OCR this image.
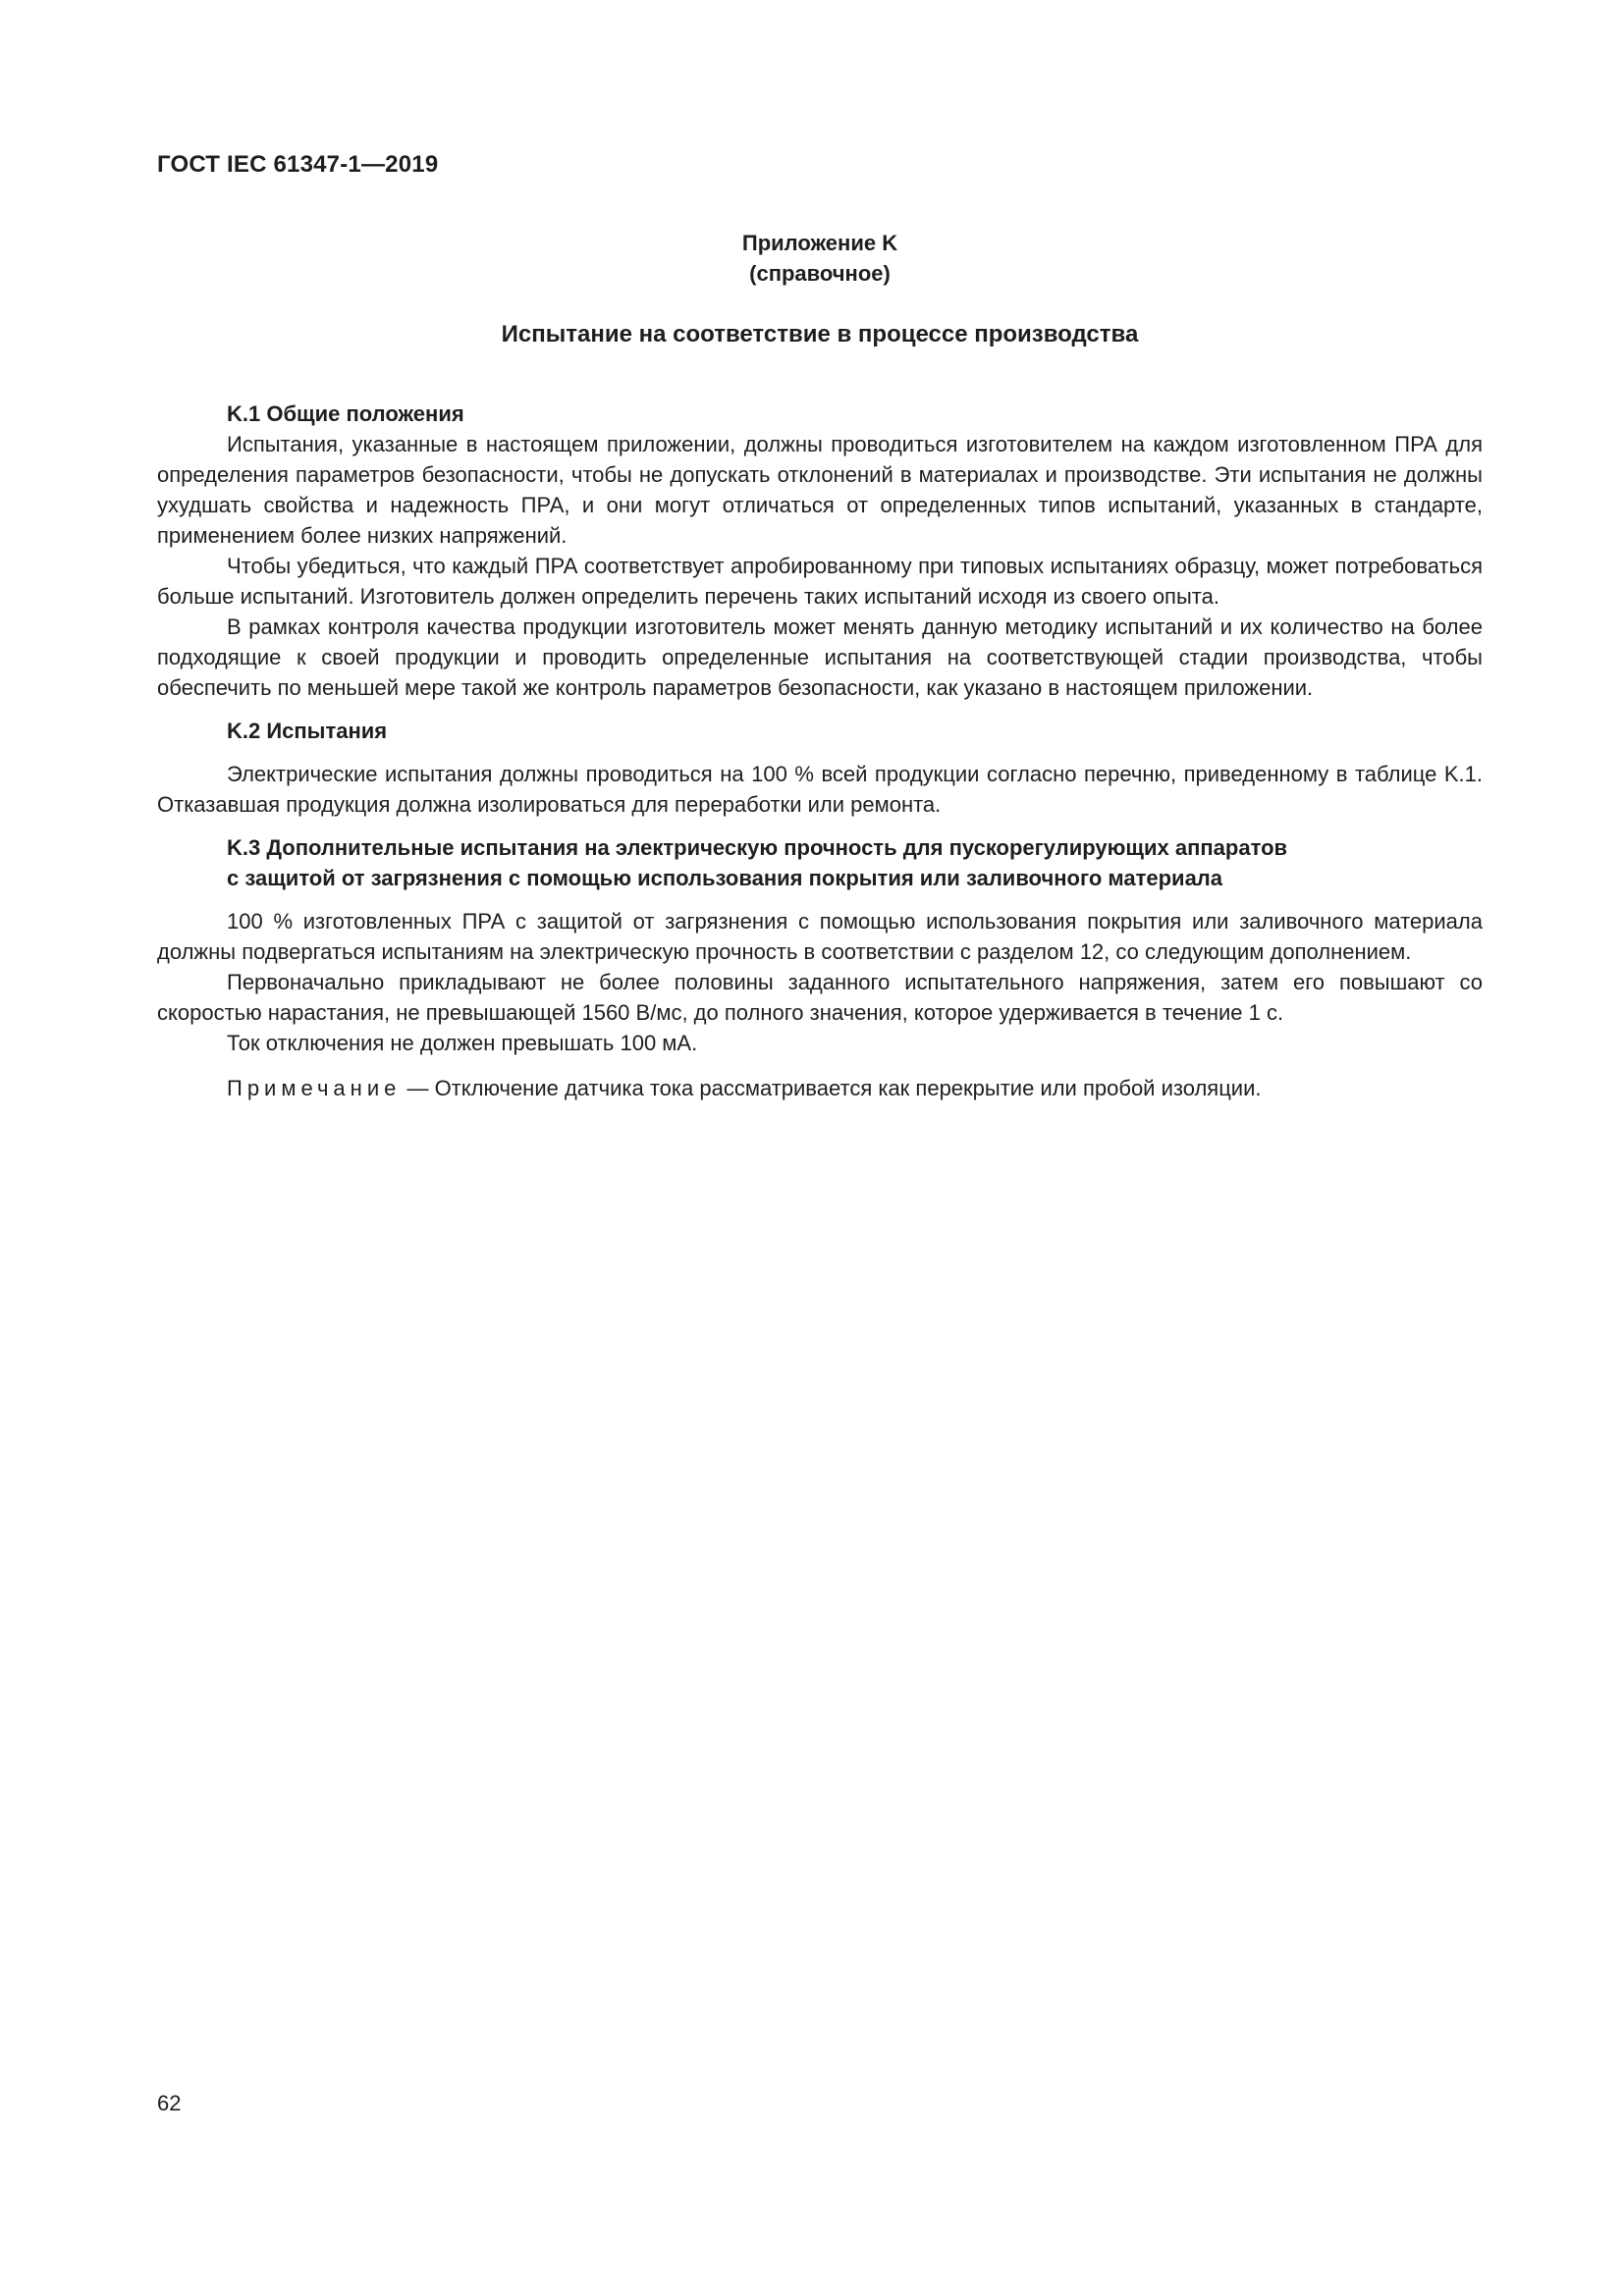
ГОСТ IEC 61347-1—2019
Приложение K
(справочное)
Испытание на соответствие в процессе производства
K.1 Общие положения

Испытания, указанные в настоящем приложении, должны проводиться изготовителем на каждом изготовленном ПРА для определения параметров безопасности, чтобы не допускать отклонений в материалах и производстве. Эти испытания не должны ухудшать свойства и надежность ПРА, и они могут отличаться от определенных типов испытаний, указанных в стандарте, применением более низких напряжений.

Чтобы убедиться, что каждый ПРА соответствует апробированному при типовых испытаниях образцу, может потребоваться больше испытаний. Изготовитель должен определить перечень таких испытаний исходя из своего опыта.

В рамках контроля качества продукции изготовитель может менять данную методику испытаний и их количество на более подходящие к своей продукции и проводить определенные испытания на соответствующей стадии производства, чтобы обеспечить по меньшей мере такой же контроль параметров безопасности, как указано в настоящем приложении.

K.2 Испытания

Электрические испытания должны проводиться на 100 % всей продукции согласно перечню, приведенному в таблице K.1. Отказавшая продукция должна изолироваться для переработки или ремонта.

K.3 Дополнительные испытания на электрическую прочность для пускорегулирующих аппаратов
с защитой от загрязнения с помощью использования покрытия или заливочного материала

100 % изготовленных ПРА с защитой от загрязнения с помощью использования покрытия или заливочного материала должны подвергаться испытаниям на электрическую прочность в соответствии с разделом 12, со следующим дополнением.

Первоначально прикладывают не более половины заданного испытательного напряжения, затем его повышают со скоростью нарастания, не превышающей 1560 В/мс, до полного значения, которое удерживается в течение 1 с.

Ток отключения не должен превышать 100 мА.

Примечание — Отключение датчика тока рассматривается как перекрытие или пробой изоляции.

62
